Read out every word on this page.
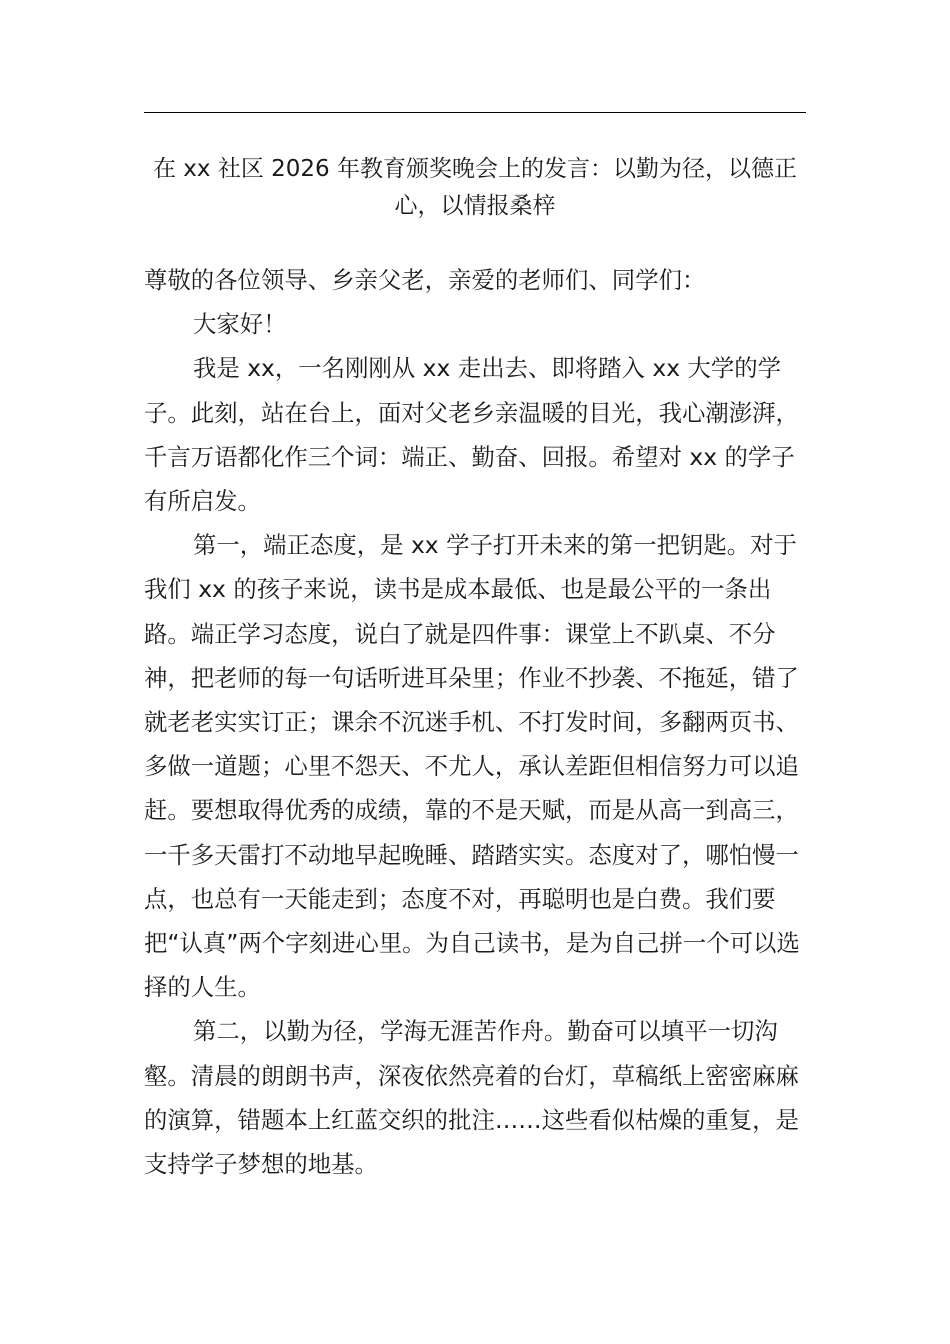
在 xx 社区 2026 年教育颁奖晚会上的发言：以勤为径，以德正心，以情报桑梓

尊敬的各位领导、乡亲父老，亲爱的老师们、同学们：

大家好！

我是 xx，一名刚刚从 xx 走出去、即将踏入 xx 大学的学子。此刻，站在台上，面对父老乡亲温暖的目光，我心潮澎湃，千言万语都化作三个词：端正、勤奋、回报。希望对 xx 的学子有所启发。

第一，端正态度，是 xx 学子打开未来的第一把钥匙。对于我们 xx 的孩子来说，读书是成本最低、也是最公平的一条出路。端正学习态度，说白了就是四件事：课堂上不趴桌、不分神，把老师的每一句话听进耳朵里；作业不抄袭、不拖延，错了就老老实实订正；课余不沉迷手机、不打发时间，多翻两页书、多做一道题；心里不怨天、不尤人，承认差距但相信努力可以追赶。要想取得优秀的成绩，靠的不是天赋，而是从高一到高三，一千多天雷打不动地早起晚睡、踏踏实实。态度对了，哪怕慢一点，也总有一天能走到；态度不对，再聪明也是白费。我们要把“认真”两个字刻进心里。为自己读书，是为自己拼一个可以选择的人生。

第二，以勤为径，学海无涯苦作舟。勤奋可以填平一切沟壑。清晨的朗朗书声，深夜依然亮着的台灯，草稿纸上密密麻麻的演算，错题本上红蓝交织的批注……这些看似枯燥的重复，是支持学子梦想的地基。
